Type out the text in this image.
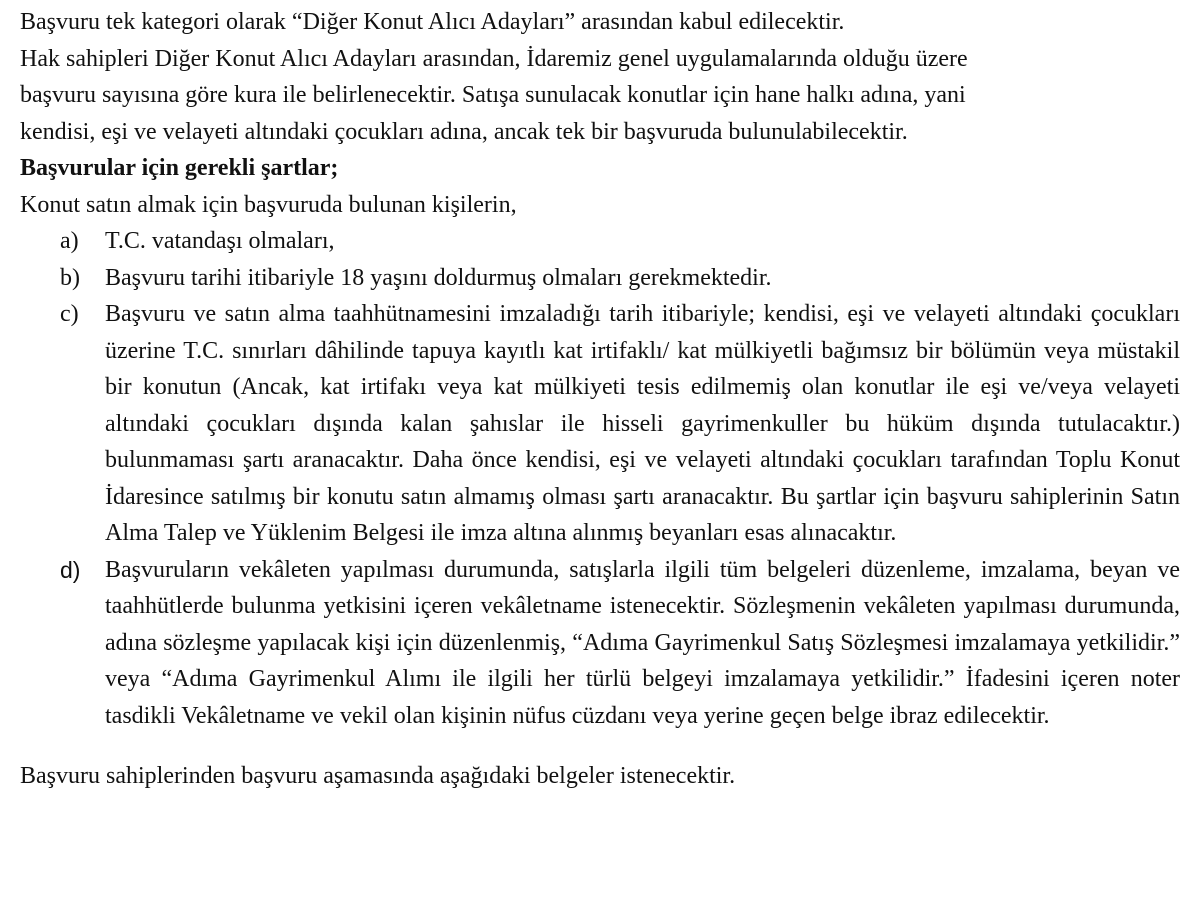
Başvuru tek kategori olarak “Diğer Konut Alıcı Adayları” arasından kabul edilecektir.
Hak sahipleri Diğer Konut Alıcı Adayları arasından, İdaremiz genel uygulamalarında olduğu üzere
başvuru sayısına göre kura ile belirlenecektir. Satışa sunulacak konutlar için hane halkı adına, yani
kendisi, eşi ve velayeti altındaki çocukları adına, ancak tek bir başvuruda bulunulabilecektir.
Başvurular için gerekli şartlar;
Konut satın almak için başvuruda bulunan kişilerin,
a)	T.C. vatandaşı olmaları,
b)	Başvuru tarihi itibariyle 18 yaşını doldurmuş olmaları gerekmektedir.
c)	Başvuru ve satın alma taahhütnamesini imzaladığı tarih itibariyle; kendisi, eşi ve velayeti altındaki çocukları üzerine T.C. sınırları dâhilinde tapuya kayıtlı kat irtifaklı/ kat mülkiyetli bağımsız bir bölümün veya müstakil bir konutun (Ancak, kat irtifakı veya kat mülkiyeti tesis edilmemiş olan konutlar ile eşi ve/veya velayeti altındaki çocukları dışında kalan şahıslar ile hisseli gayrimenkuller bu hüküm dışında tutulacaktır.) bulunmaması şartı aranacaktır. Daha önce kendisi, eşi ve velayeti altındaki çocukları tarafından Toplu Konut İdaresince satılmış bir konutu satın almamış olması şartı aranacaktır. Bu şartlar için başvuru sahiplerinin Satın Alma Talep ve Yüklenim Belgesi ile imza altına alınmış beyanları esas alınacaktır.
d)	Başvuruların vekâleten yapılması durumunda, satışlarla ilgili tüm belgeleri düzenleme, imzalama, beyan ve taahhütlerde bulunma yetkisini içeren vekâletname istenecektir. Sözleşmenin vekâleten yapılması durumunda, adına sözleşme yapılacak kişi için düzenlenmiş, “Adıma Gayrimenkul Satış Sözleşmesi imzalamaya yetkilidir.” veya “Adıma Gayrimenkul Alımı ile ilgili her türlü belgeyi imzalamaya yetkilidir.” İfadesini içeren noter tasdikli Vekâletname ve vekil olan kişinin nüfus cüzdanı veya yerine geçen belge ibraz edilecektir.
Başvuru sahiplerinden başvuru aşamasında aşağıdaki belgeler istenecektir.
